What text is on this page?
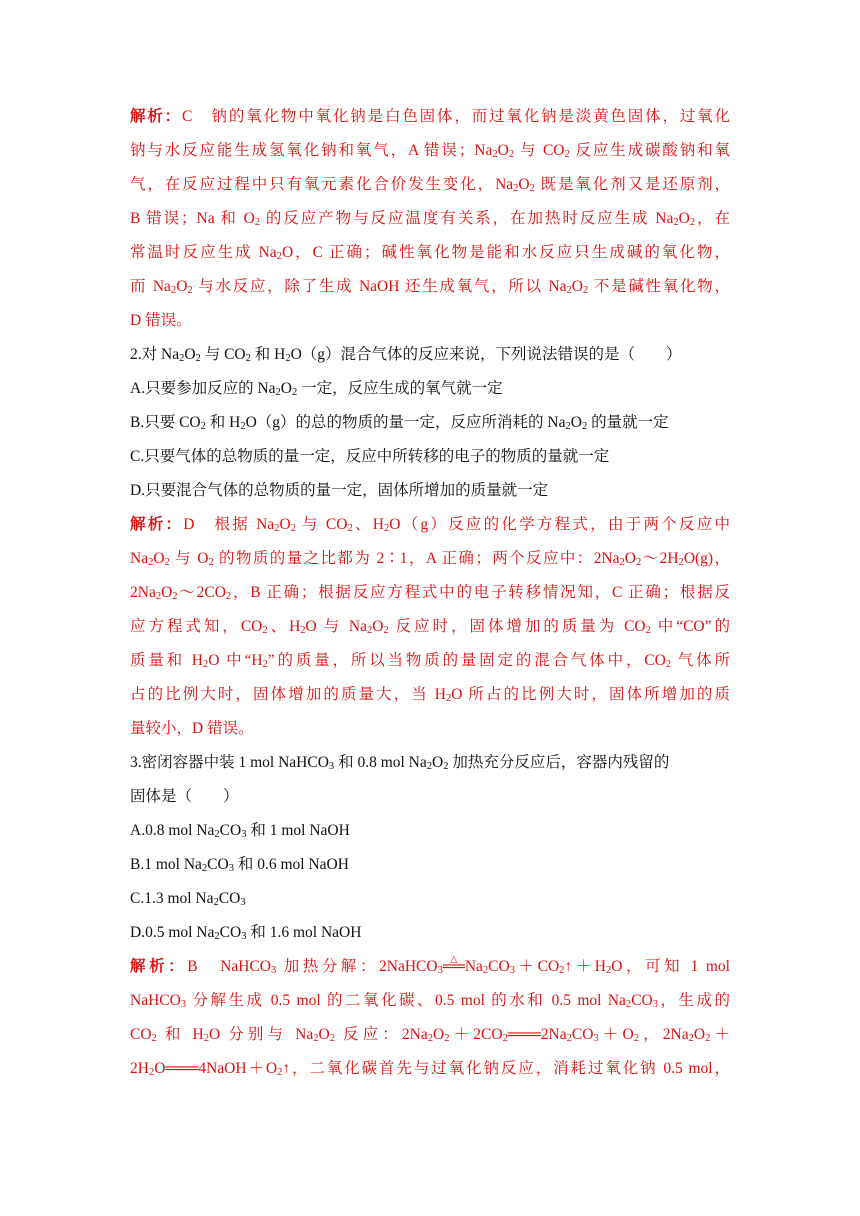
解析：C　钠的氧化物中氧化钠是白色固体，而过氧化钠是淡黄色固体，过氧化
钠与水反应能生成氢氧化钠和氧气，A 错误；$Na_2O_2$ 与 $CO_2$ 反应生成碳酸钠和氧
气，在反应过程中只有氧元素化合价发生变化，$Na_2O_2$ 既是氧化剂又是还原剂，
B 错误；Na 和 $O_2$ 的反应产物与反应温度有关系，在加热时反应生成 $Na_2O_2$，在
常温时反应生成 $Na_2O$，C 正确；碱性氧化物是能和水反应只生成碱的氧化物，
而 $Na_2O_2$ 与水反应，除了生成 NaOH 还生成氧气，所以 $Na_2O_2$ 不是碱性氧化物，
D 错误。
2.对 $Na_2O_2$ 与 $CO_2$ 和 $H_2O(g)$混合气体的反应来说，下列说法错误的是（　　）
A.只要参加反应的 $Na_2O_2$ 一定，反应生成的氧气就一定
B.只要 $CO_2$ 和 $H_2O(g)$的总的物质的量一定，反应所消耗的 $Na_2O_2$ 的量就一定
C.只要气体的总物质的量一定，反应中所转移的电子的物质的量就一定
D.只要混合气体的总物质的量一定，固体所增加的质量就一定
解析：D　根据 $Na_2O_2$ 与 $CO_2$、$H_2O(g)$反应的化学方程式，由于两个反应中
$Na_2O_2$ 与 $O_2$ 的物质的量之比都为 2∶1，A 正确；两个反应中：$2Na_2O_2\sim 2H_2O(g)$，
$2Na_2O_2\sim 2CO_2$，B 正确；根据反应方程式中的电子转移情况知，C 正确；根据反
应方程式知，$CO_2$、$H_2O$ 与 $Na_2O_2$ 反应时，固体增加的质量为 $CO_2$ 中“CO”的
质量和 $H_2O$ 中“$H_2$”的质量，所以当物质的量固定的混合气体中，$CO_2$ 气体所
占的比例大时，固体增加的质量大，当 $H_2O$ 所占的比例大时，固体所增加的质
量较小，D 错误。
3.密闭容器中装 1 mol NaHCO$_3$ 和 0.8 mol $Na_2O_2$ 加热充分反应后，容器内残留的
固体是（　　）
A.0.8 mol $Na_2CO_3$ 和 1 mol NaOH
B.1 mol $Na_2CO_3$ 和 0.6 mol NaOH
C.1.3 mol $Na_2CO_3$
D.0.5 mol $Na_2CO_3$ 和 1.6 mol NaOH
解析：B　NaHCO$_3$ 加热分解：2NaHCO$_3$△ $══Na_2CO_3+CO_2↑+H_2O$，可知 1 mol
NaHCO$_3$ 分解生成 0.5 mol 的二氧化碳、0.5 mol 的水和 0.5 mol $Na_2CO_3$，生成的
$CO_2$ 和 $H_2O$ 分别与 $Na_2O_2$ 反应：$2Na_2O_2+2CO_2═══2Na_2CO_3+O_2$，$2Na_2O_2+$
$2H_2O═══4NaOH+O_2↑$，二氧化碳首先与过氧化钠反应，消耗过氧化钠 0.5 mol，
